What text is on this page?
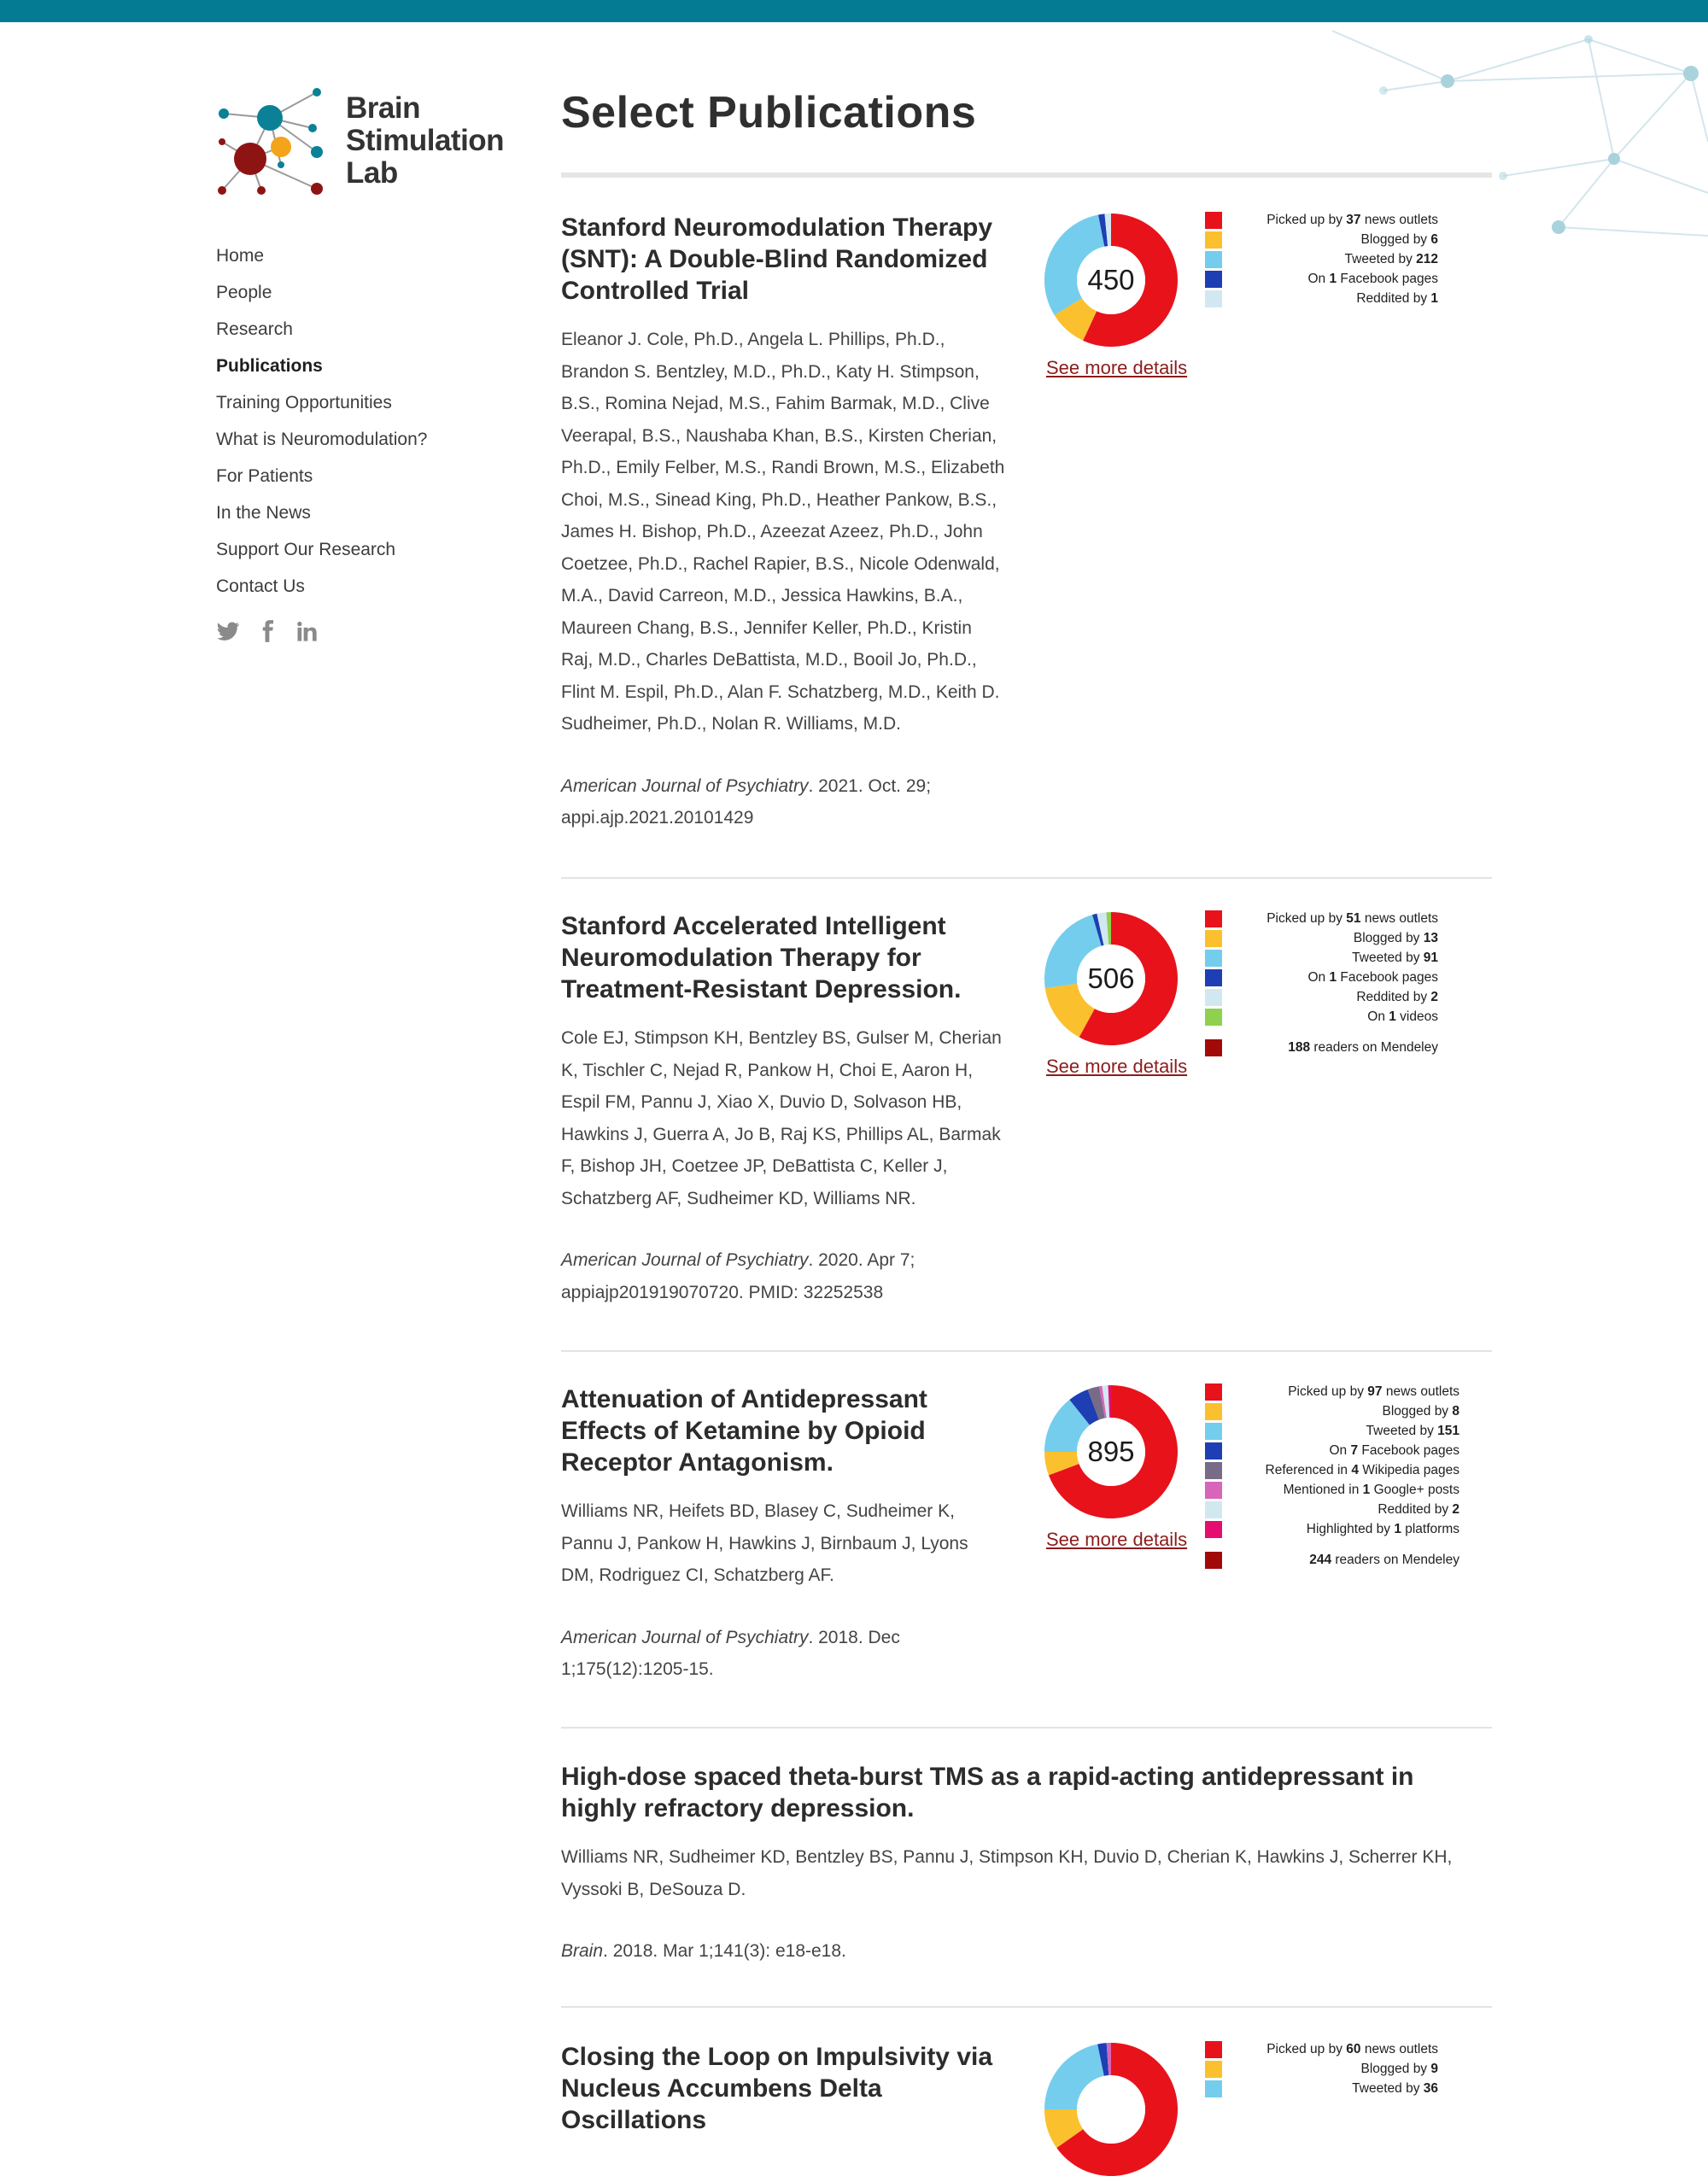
Brain
Stimulation
Lab
Home
People
Research
Publications
Training Opportunities
What is Neuromodulation?
For Patients
In the News
Support Our Research
Contact Us
Select Publications
Stanford Neuromodulation Therapy (SNT): A Double-Blind Randomized Controlled Trial
Eleanor J. Cole, Ph.D., Angela L. Phillips, Ph.D., Brandon S. Bentzley, M.D., Ph.D., Katy H. Stimpson, B.S., Romina Nejad, M.S., Fahim Barmak, M.D., Clive Veerapal, B.S., Naushaba Khan, B.S., Kirsten Cherian, Ph.D., Emily Felber, M.S., Randi Brown, M.S., Elizabeth Choi, M.S., Sinead King, Ph.D., Heather Pankow, B.S., James H. Bishop, Ph.D., Azeezat Azeez, Ph.D., John Coetzee, Ph.D., Rachel Rapier, B.S., Nicole Odenwald, M.A., David Carreon, M.D., Jessica Hawkins, B.A., Maureen Chang, B.S., Jennifer Keller, Ph.D., Kristin Raj, M.D., Charles DeBattista, M.D., Booil Jo, Ph.D., Flint M. Espil, Ph.D., Alan F. Schatzberg, M.D., Keith D. Sudheimer, Ph.D., Nolan R. Williams, M.D.
American Journal of Psychiatry. 2021. Oct. 29; appi.ajp.2021.20101429
450
See more details
Picked up by 37 news outlets
Blogged by 6
Tweeted by 212
On 1 Facebook pages
Reddited by 1
Stanford Accelerated Intelligent Neuromodulation Therapy for Treatment-Resistant Depression.
Cole EJ, Stimpson KH, Bentzley BS, Gulser M, Cherian K, Tischler C, Nejad R, Pankow H, Choi E, Aaron H, Espil FM, Pannu J, Xiao X, Duvio D, Solvason HB, Hawkins J, Guerra A, Jo B, Raj KS, Phillips AL, Barmak F, Bishop JH, Coetzee JP, DeBattista C, Keller J, Schatzberg AF, Sudheimer KD, Williams NR.
American Journal of Psychiatry. 2020. Apr 7; appiajp201919070720. PMID: 32252538
506
See more details
Picked up by 51 news outlets
Blogged by 13
Tweeted by 91
On 1 Facebook pages
Reddited by 2
On 1 videos
188 readers on Mendeley
Attenuation of Antidepressant Effects of Ketamine by Opioid Receptor Antagonism.
Williams NR, Heifets BD, Blasey C, Sudheimer K, Pannu J, Pankow H, Hawkins J, Birnbaum J, Lyons DM, Rodriguez CI, Schatzberg AF.
American Journal of Psychiatry. 2018. Dec 1;175(12):1205-15.
895
See more details
Picked up by 97 news outlets
Blogged by 8
Tweeted by 151
On 7 Facebook pages
Referenced in 4 Wikipedia pages
Mentioned in 1 Google+ posts
Reddited by 2
Highlighted by 1 platforms
244 readers on Mendeley
High-dose spaced theta-burst TMS as a rapid-acting antidepressant in highly refractory depression.
Williams NR, Sudheimer KD, Bentzley BS, Pannu J, Stimpson KH, Duvio D, Cherian K, Hawkins J, Scherrer KH, Vyssoki B, DeSouza D.
Brain. 2018. Mar 1;141(3): e18-e18.
Closing the Loop on Impulsivity via Nucleus Accumbens Delta Oscillations
Picked up by 60 news outlets
Blogged by 9
Tweeted by 36
